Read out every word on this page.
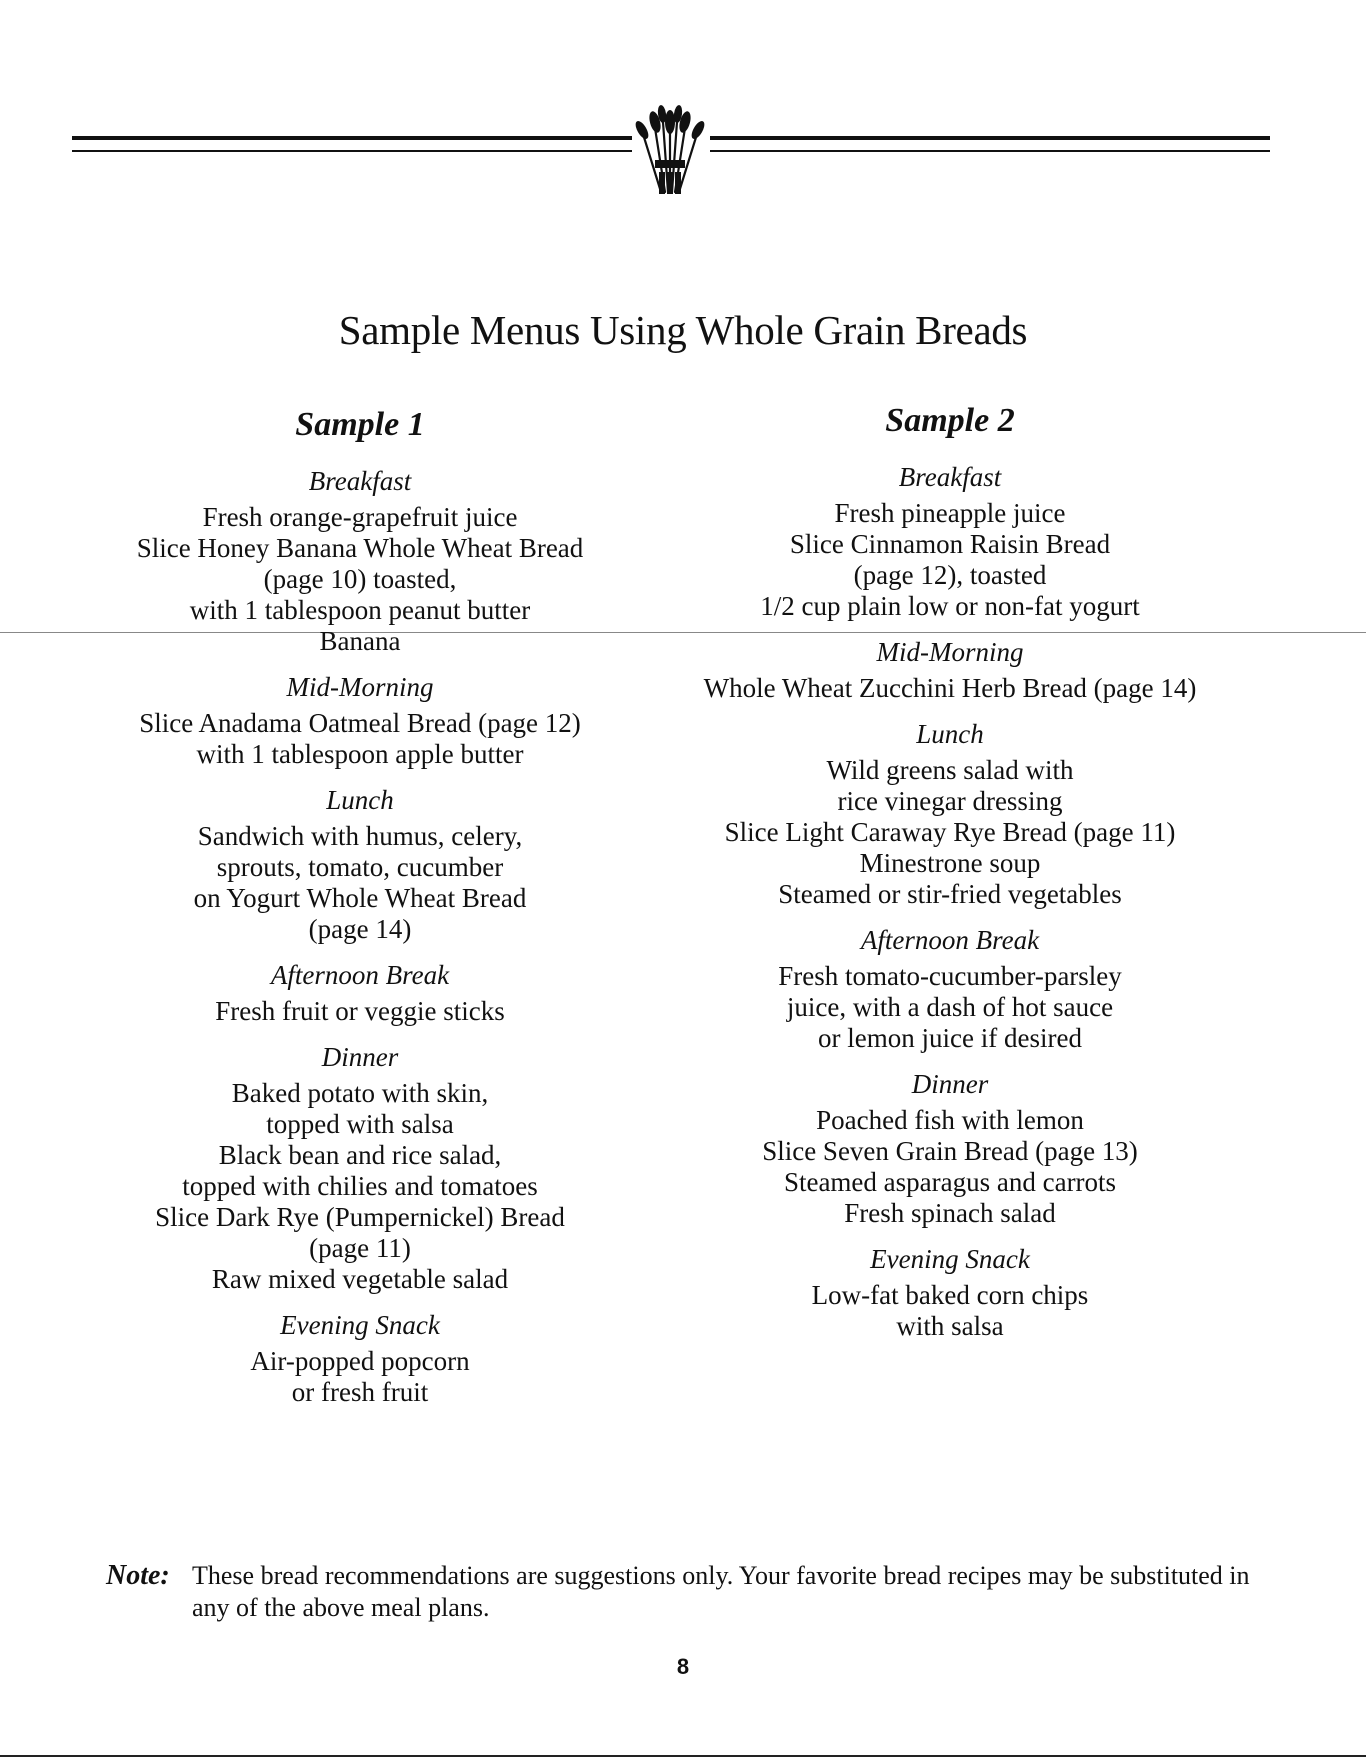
Sample Menus Using Whole Grain Breads
Sample 1
Breakfast
Fresh orange-grapefruit juice
Slice Honey Banana Whole Wheat Bread
(page 10) toasted,
with 1 tablespoon peanut butter
Banana
Mid-Morning
Slice Anadama Oatmeal Bread (page 12)
with 1 tablespoon apple butter
Lunch
Sandwich with humus, celery,
sprouts, tomato, cucumber
on Yogurt Whole Wheat Bread
(page 14)
Afternoon Break
Fresh fruit or veggie sticks
Dinner
Baked potato with skin,
topped with salsa
Black bean and rice salad,
topped with chilies and tomatoes
Slice Dark Rye (Pumpernickel) Bread
(page 11)
Raw mixed vegetable salad
Evening Snack
Air-popped popcorn
or fresh fruit
Sample 2
Breakfast
Fresh pineapple juice
Slice Cinnamon Raisin Bread
(page 12), toasted
1/2 cup plain low or non-fat yogurt
Mid-Morning
Whole Wheat Zucchini Herb Bread (page 14)
Lunch
Wild greens salad with
rice vinegar dressing
Slice Light Caraway Rye Bread (page 11)
Minestrone soup
Steamed or stir-fried vegetables
Afternoon Break
Fresh tomato-cucumber-parsley
juice, with a dash of hot sauce
or lemon juice if desired
Dinner
Poached fish with lemon
Slice Seven Grain Bread (page 13)
Steamed asparagus and carrots
Fresh spinach salad
Evening Snack
Low-fat baked corn chips
with salsa
Note: These bread recommendations are suggestions only. Your favorite bread recipes may be substituted in any of the above meal plans.
8
